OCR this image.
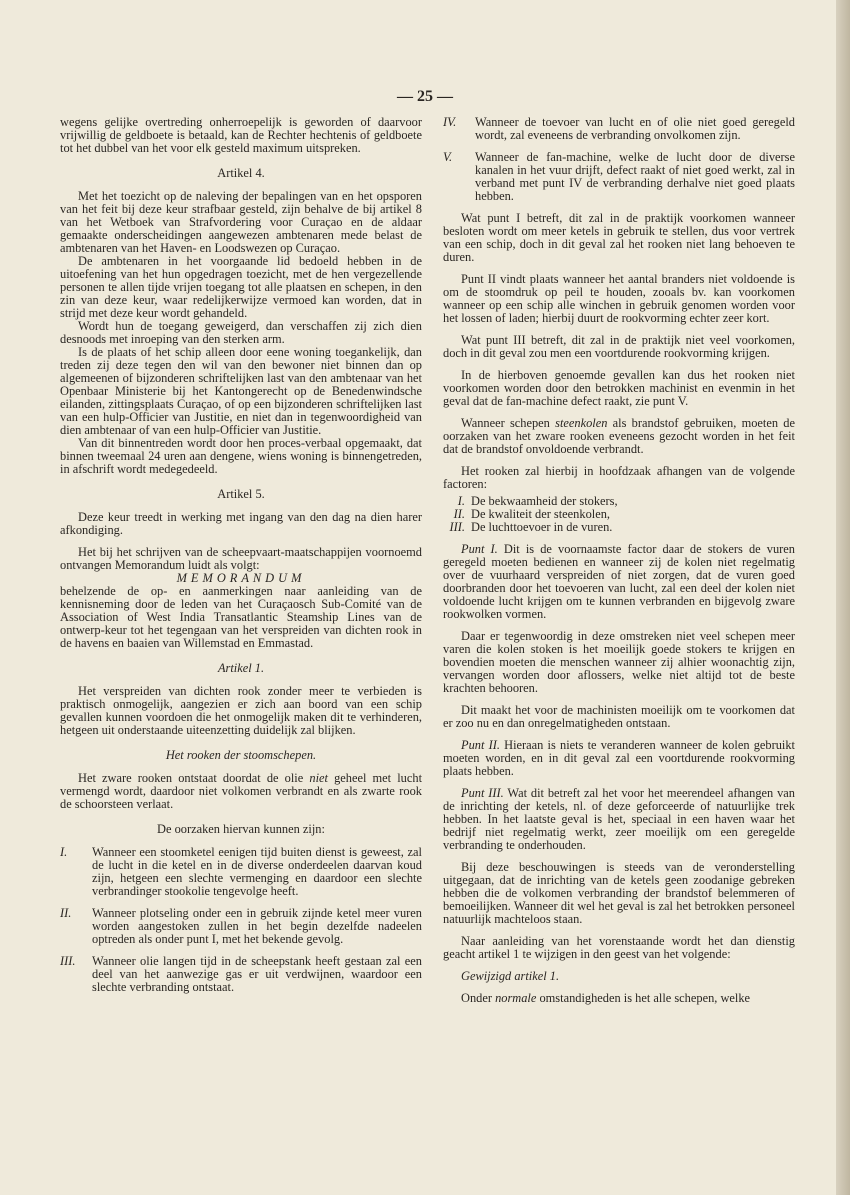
— 25 —

wegens gelijke overtreding onherroepelijk is geworden of daarvoor vrijwillig de geldboete is betaald, kan de Rechter hechtenis of geldboete tot het dubbel van het voor elk gesteld maximum uitspreken.

Artikel 4.

Met het toezicht op de naleving der bepalingen van en het opsporen van het feit bij deze keur strafbaar gesteld, zijn behalve de bij artikel 8 van het Wetboek van Strafvordering voor Curaçao en de aldaar gemaakte onderscheidingen aangewezen ambtenaren mede belast de ambtenaren van het Haven- en Loodswezen op Curaçao.

De ambtenaren in het voorgaande lid bedoeld hebben in de uitoefening van het hun opgedragen toezicht, met de hen vergezellende personen te allen tijde vrijen toegang tot alle plaatsen en schepen, in den zin van deze keur, waar redelijkerwijze vermoed kan worden, dat in strijd met deze keur wordt gehandeld.

Wordt hun de toegang geweigerd, dan verschaffen zij zich dien desnoods met inroeping van den sterken arm.

Is de plaats of het schip alleen door eene woning toegankelijk, dan treden zij deze tegen den wil van den bewoner niet binnen dan op algemeenen of bijzonderen schriftelijken last van den ambtenaar van het Openbaar Ministerie bij het Kantongerecht op de Benedenwindsche eilanden, zittingsplaats Curaçao, of op een bijzonderen schriftelijken last van een hulp-Officier van Justitie, en niet dan in tegenwoordigheid van dien ambtenaar of van een hulp-Officier van Justitie.

Van dit binnentreden wordt door hen proces-verbaal opgemaakt, dat binnen tweemaal 24 uren aan dengene, wiens woning is binnengetreden, in afschrift wordt medegedeeld.

Artikel 5.

Deze keur treedt in werking met ingang van den dag na dien harer afkondiging.

Het bij het schrijven van de scheepvaart-maatschappijen voornoemd ontvangen Memorandum luidt als volgt:

MEMORANDUM

behelzende de op- en aanmerkingen naar aanleiding van de kennisneming door de leden van het Curaçaosch Sub-Comité van de Association of West India Transatlantic Steamship Lines van de ontwerp-keur tot het tegengaan van het verspreiden van dichten rook in de havens en baaien van Willemstad en Emmastad.

Artikel 1.

Het verspreiden van dichten rook zonder meer te verbieden is praktisch onmogelijk, aangezien er zich aan boord van een schip gevallen kunnen voordoen die het onmogelijk maken dit te verhinderen, hetgeen uit onderstaande uiteenzetting duidelijk zal blijken.

Het rooken der stoomschepen.

Het zware rooken ontstaat doordat de olie niet geheel met lucht vermengd wordt, daardoor niet volkomen verbrandt en als zwarte rook de schoorsteen verlaat.

De oorzaken hiervan kunnen zijn:
I.	Wanneer een stoomketel eenigen tijd buiten dienst is geweest, zal de lucht in die ketel en in de diverse onderdeelen daarvan koud zijn, hetgeen een slechte vermenging en daardoor een slechte verbrandinger stookolie tengevolge heeft.
II.	Wanneer plotseling onder een in gebruik zijnde ketel meer vuren worden aangestoken zullen in het begin dezelfde nadeelen optreden als onder punt I, met het bekende gevolg.
III.	Wanneer olie langen tijd in de scheepstank heeft gestaan zal een deel van het aanwezige gas er uit verdwijnen, waardoor een slechte verbranding ontstaat.
IV.	Wanneer de toevoer van lucht en of olie niet goed geregeld wordt, zal eveneens de verbranding onvolkomen zijn.
V.	Wanneer de fan-machine, welke de lucht door de diverse kanalen in het vuur drijft, defect raakt of niet goed werkt, zal in verband met punt IV de verbranding derhalve niet goed plaats hebben.

Wat punt I betreft, dit zal in de praktijk voorkomen wanneer besloten wordt om meer ketels in gebruik te stellen, dus voor vertrek van een schip, doch in dit geval zal het rooken niet lang behoeven te duren.

Punt II vindt plaats wanneer het aantal branders niet voldoende is om de stoomdruk op peil te houden, zooals bv. kan voorkomen wanneer op een schip alle winchen in gebruik genomen worden voor het lossen of laden; hierbij duurt de rookvorming echter zeer kort.

Wat punt III betreft, dit zal in de praktijk niet veel voorkomen, doch in dit geval zou men een voortdurende rookvorming krijgen.

In de hierboven genoemde gevallen kan dus het rooken niet voorkomen worden door den betrokken machinist en evenmin in het geval dat de fan-machine defect raakt, zie punt V.

Wanneer schepen steenkolen als brandstof gebruiken, moeten de oorzaken van het zware rooken eveneens gezocht worden in het feit dat de brandstof onvoldoende verbrandt.

Het rooken zal hierbij in hoofdzaak afhangen van de volgende factoren:

I. De bekwaamheid der stokers,
II. De kwaliteit der steenkolen,
III. De luchttoevoer in de vuren.

Punt I. Dit is de voornaamste factor daar de stokers de vuren geregeld moeten bedienen en wanneer zij de kolen niet regelmatig over de vuurhaard verspreiden of niet zorgen, dat de vuren goed doorbranden door het toevoeren van lucht, zal een deel der kolen niet voldoende lucht krijgen om te kunnen verbranden en bijgevolg zware rookwolken vormen.

Daar er tegenwoordig in deze omstreken niet veel schepen meer varen die kolen stoken is het moeilijk goede stokers te krijgen en bovendien moeten die menschen wanneer zij alhier woonachtig zijn, vervangen worden door aflossers, welke niet altijd tot de beste krachten behooren.

Dit maakt het voor de machinisten moeilijk om te voorkomen dat er zoo nu en dan onregelmatigheden ontstaan.

Punt II. Hieraan is niets te veranderen wanneer de kolen gebruikt moeten worden, en in dit geval zal een voortdurende rookvorming plaats hebben.

Punt III. Wat dit betreft zal het voor het meerendeel afhangen van de inrichting der ketels, nl. of deze geforceerde of natuurlijke trek hebben. In het laatste geval is het, speciaal in een haven waar het bedrijf niet regelmatig werkt, zeer moeilijk om een geregelde verbranding te onderhouden.

Bij deze beschouwingen is steeds van de veronderstelling uitgegaan, dat de inrichting van de ketels geen zoodanige gebreken hebben die de volkomen verbranding der brandstof belemmeren of bemoeilijken. Wanneer dit wel het geval is zal het betrokken personeel natuurlijk machteloos staan.

Naar aanleiding van het vorenstaande wordt het dan dienstig geacht artikel 1 te wijzigen in den geest van het volgende:

Gewijzigd artikel 1.

Onder normale omstandigheden is het alle schepen, welke
